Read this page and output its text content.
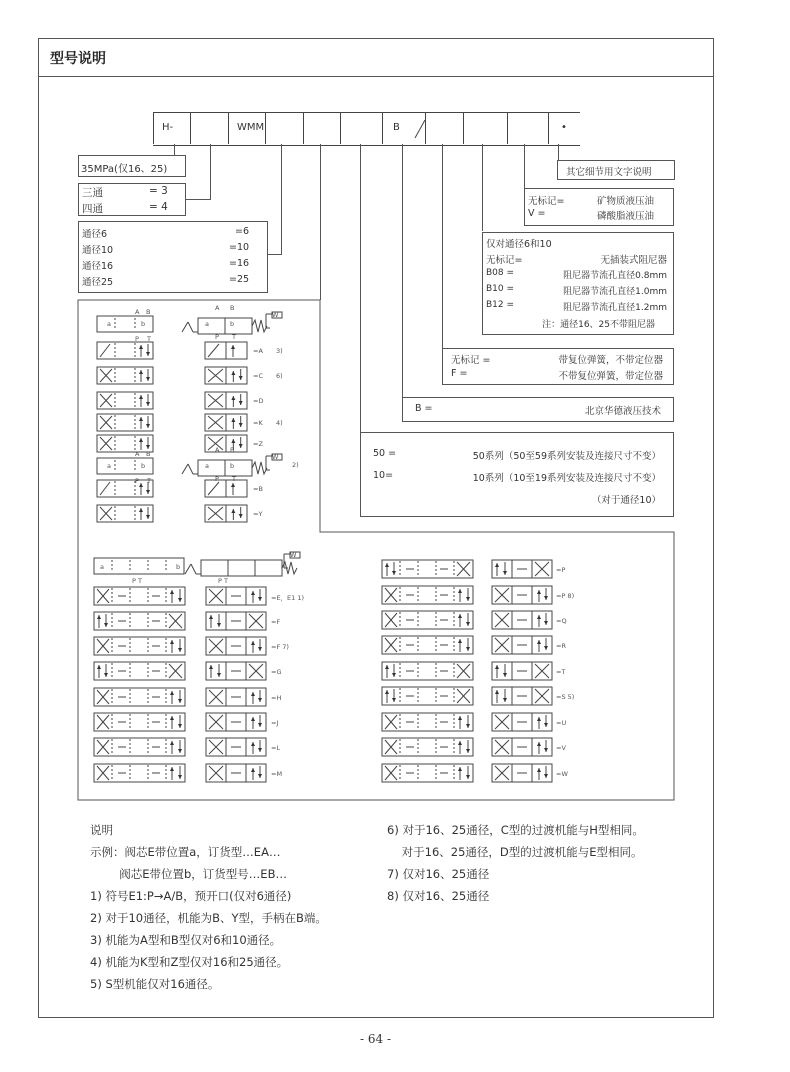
型号说明
H-	WMM	B	•
35MPa(仅16、25)
三通	= 3
四通	= 4
通径6	=6
通径10	=10
通径16	=16
通径25	=25
其它细节用文字说明
无标记=	矿物质液压油
V =	磷酸脂液压油
仅对通径6和10
无标记=	无插装式阻尼器
B08 =	阻尼器节流孔直径0.8mm
B10 =	阻尼器节流孔直径1.0mm
B12 =	阻尼器节流孔直径1.2mm
注：通径16、25不带阻尼器
无标记 =	带复位弹簧，不带定位器
F =	不带复位弹簧，带定位器
B =	北京华德液压技术
50 =	50系列（50至59系列安装及连接尺寸不变）
10=	10系列（10至19系列安装及连接尺寸不变）
（对于通径10）
a	b
A B
P T
a	b
A B
P T
W
a	b
A B
P T
a	b
A B
P T
W
2)
=A 3)
=C 6)
=D
=K 4)
=Z
=B
=Y
a	b
P T	P T
W
=E，E1 1)
=F
=F 7)
=G
=H
=J
=L
=M
=P
=P 8)
=Q
=R
=T
=S 5)
=U
=V
=W
说明
示例：阀芯E带位置a，订货型…EA…
阀芯E带位置b，订货型号…EB…
1) 符号E1:P→A/B，预开口(仅对6通径)
2) 对于10通径，机能为B、Y型，手柄在B端。
3) 机能为A型和B型仅对6和10通径。
4) 机能为K型和Z型仅对16和25通径。
5) S型机能仅对16通径。
6) 对于16、25通径，C型的过渡机能与H型相同。
对于16、25通径，D型的过渡机能与E型相同。
7) 仅对16、25通径
8) 仅对16、25通径
- 64 -
